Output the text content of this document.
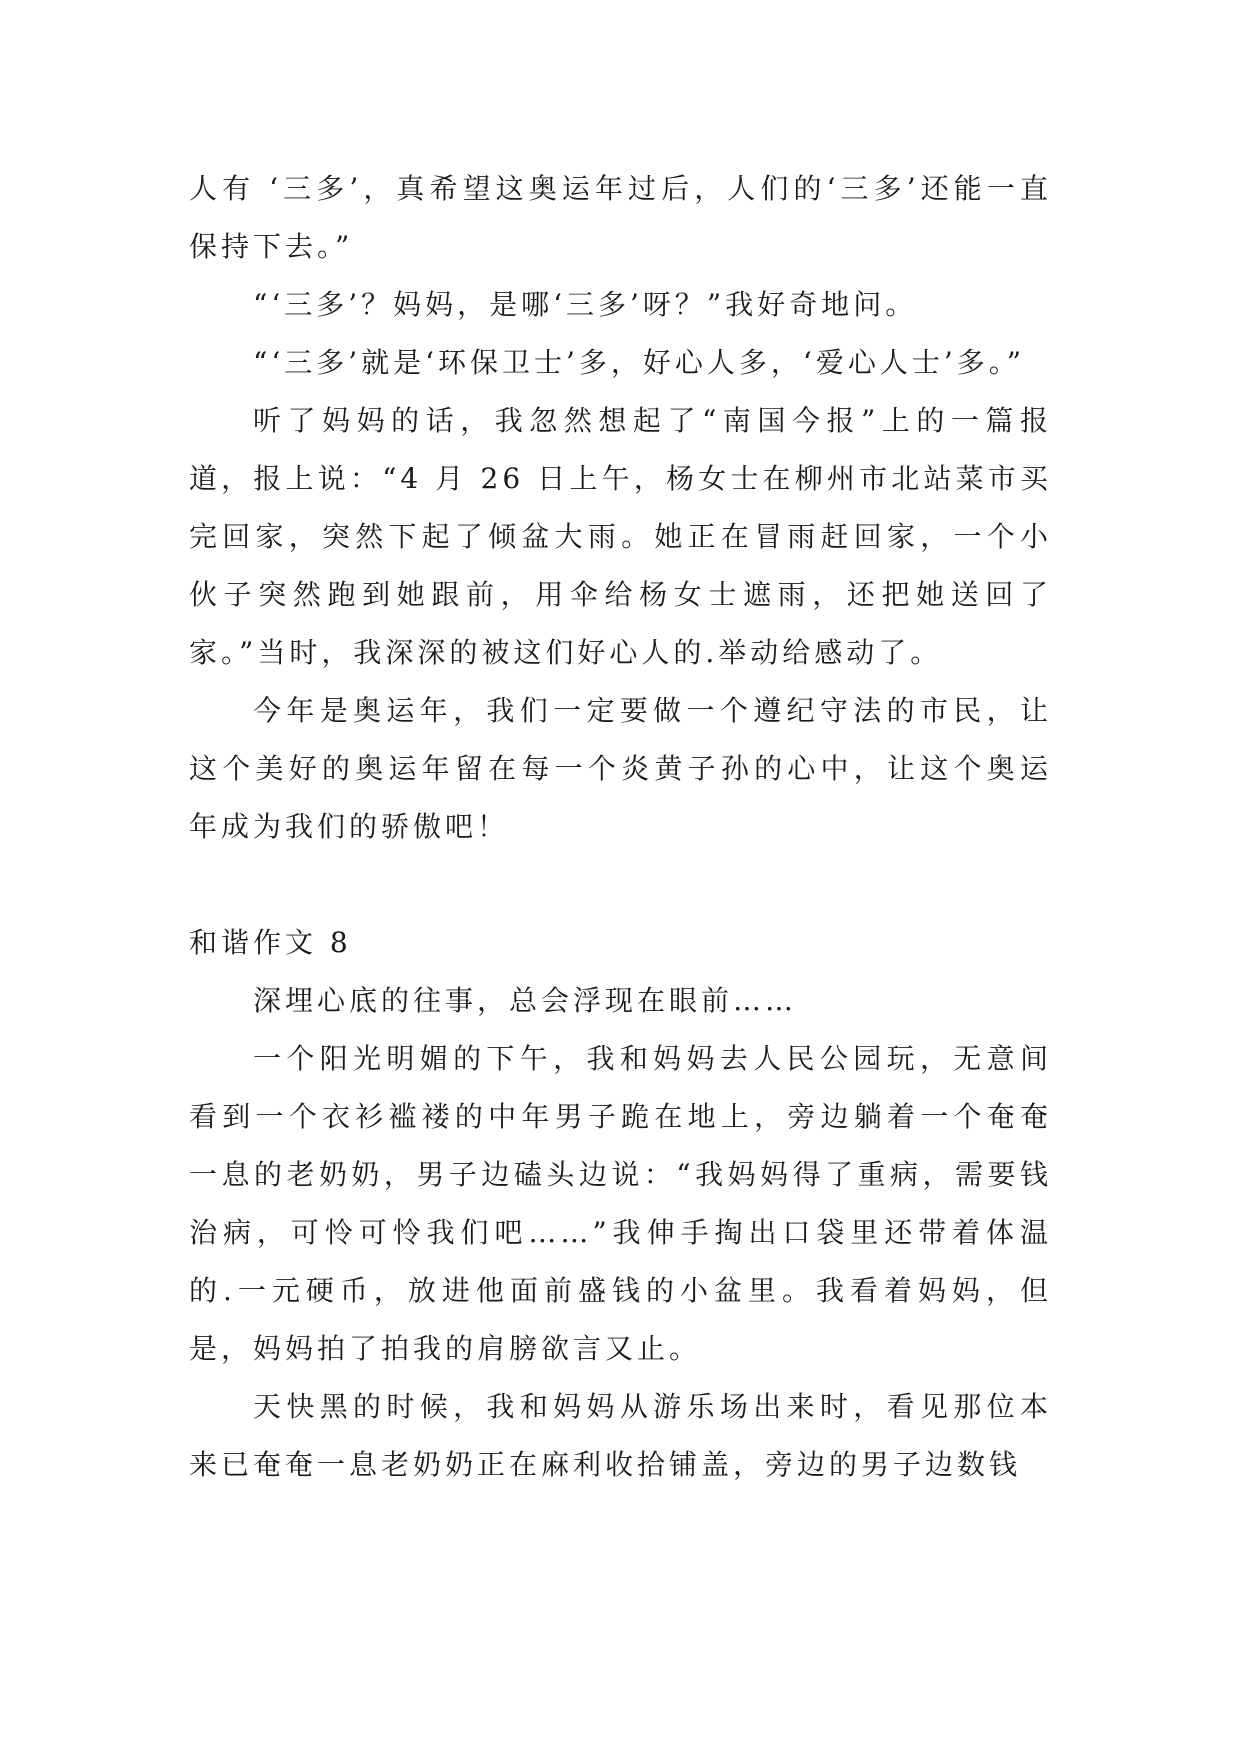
人有 ‘三多’，真希望这奥运年过后，人们的‘三多’还能一直保持下去。”

“‘三多’？妈妈，是哪‘三多’呀？”我好奇地问。

“‘三多’就是‘环保卫士’多，好心人多，‘爱心人士’多。”

听了妈妈的话，我忽然想起了“南国今报”上的一篇报道，报上说：“4 月 26 日上午，杨女士在柳州市北站菜市买完回家，突然下起了倾盆大雨。她正在冒雨赶回家，一个小伙子突然跑到她跟前，用伞给杨女士遮雨，还把她送回了家。”当时，我深深的被这们好心人的.举动给感动了。

今年是奥运年，我们一定要做一个遵纪守法的市民，让这个美好的奥运年留在每一个炎黄子孙的心中，让这个奥运年成为我们的骄傲吧！

和谐作文 8

深埋心底的往事，总会浮现在眼前……

一个阳光明媚的下午，我和妈妈去人民公园玩，无意间看到一个衣衫褴褛的中年男子跪在地上，旁边躺着一个奄奄一息的老奶奶，男子边磕头边说：“我妈妈得了重病，需要钱治病，可怜可怜我们吧……”我伸手掏出口袋里还带着体温的.一元硬币，放进他面前盛钱的小盆里。我看着妈妈，但是，妈妈拍了拍我的肩膀欲言又止。

天快黑的时候，我和妈妈从游乐场出来时，看见那位本来已奄奄一息老奶奶正在麻利收拾铺盖，旁边的男子边数钱
